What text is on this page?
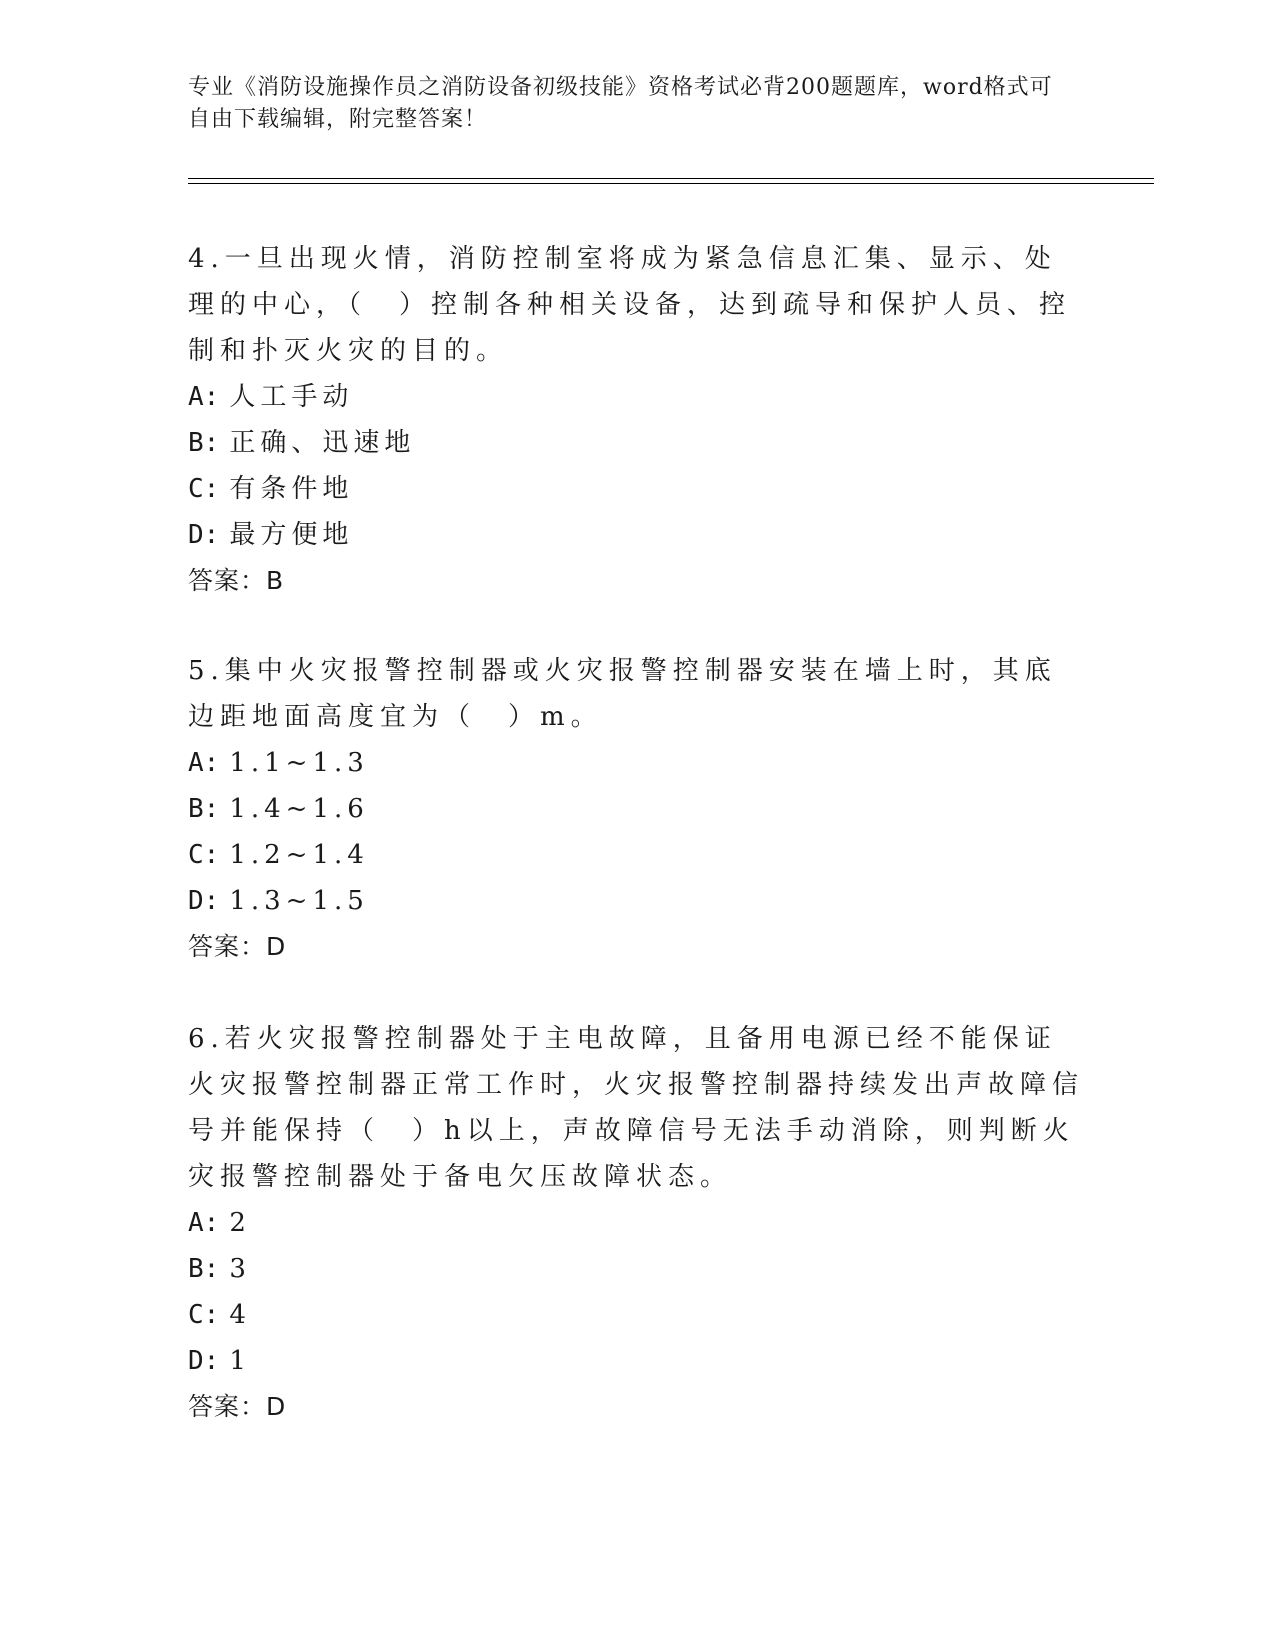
专业《消防设施操作员之消防设备初级技能》资格考试必背200题题库，word格式可自由下载编辑，附完整答案！

4.一旦出现火情，消防控制室将成为紧急信息汇集、显示、处理的中心，（　）控制各种相关设备，达到疏导和保护人员、控制和扑灭火灾的目的。

A: 人工手动

B: 正确、迅速地

C: 有条件地

D: 最方便地

答案：B

5.集中火灾报警控制器或火灾报警控制器安装在墙上时，其底边距地面高度宜为（　）m。

A: 1.1~1.3

B: 1.4~1.6

C: 1.2~1.4

D: 1.3~1.5

答案：D

6.若火灾报警控制器处于主电故障，且备用电源已经不能保证火灾报警控制器正常工作时，火灾报警控制器持续发出声故障信号并能保持（　）h以上，声故障信号无法手动消除，则判断火灾报警控制器处于备电欠压故障状态。

A: 2

B: 3

C: 4

D: 1

答案：D
